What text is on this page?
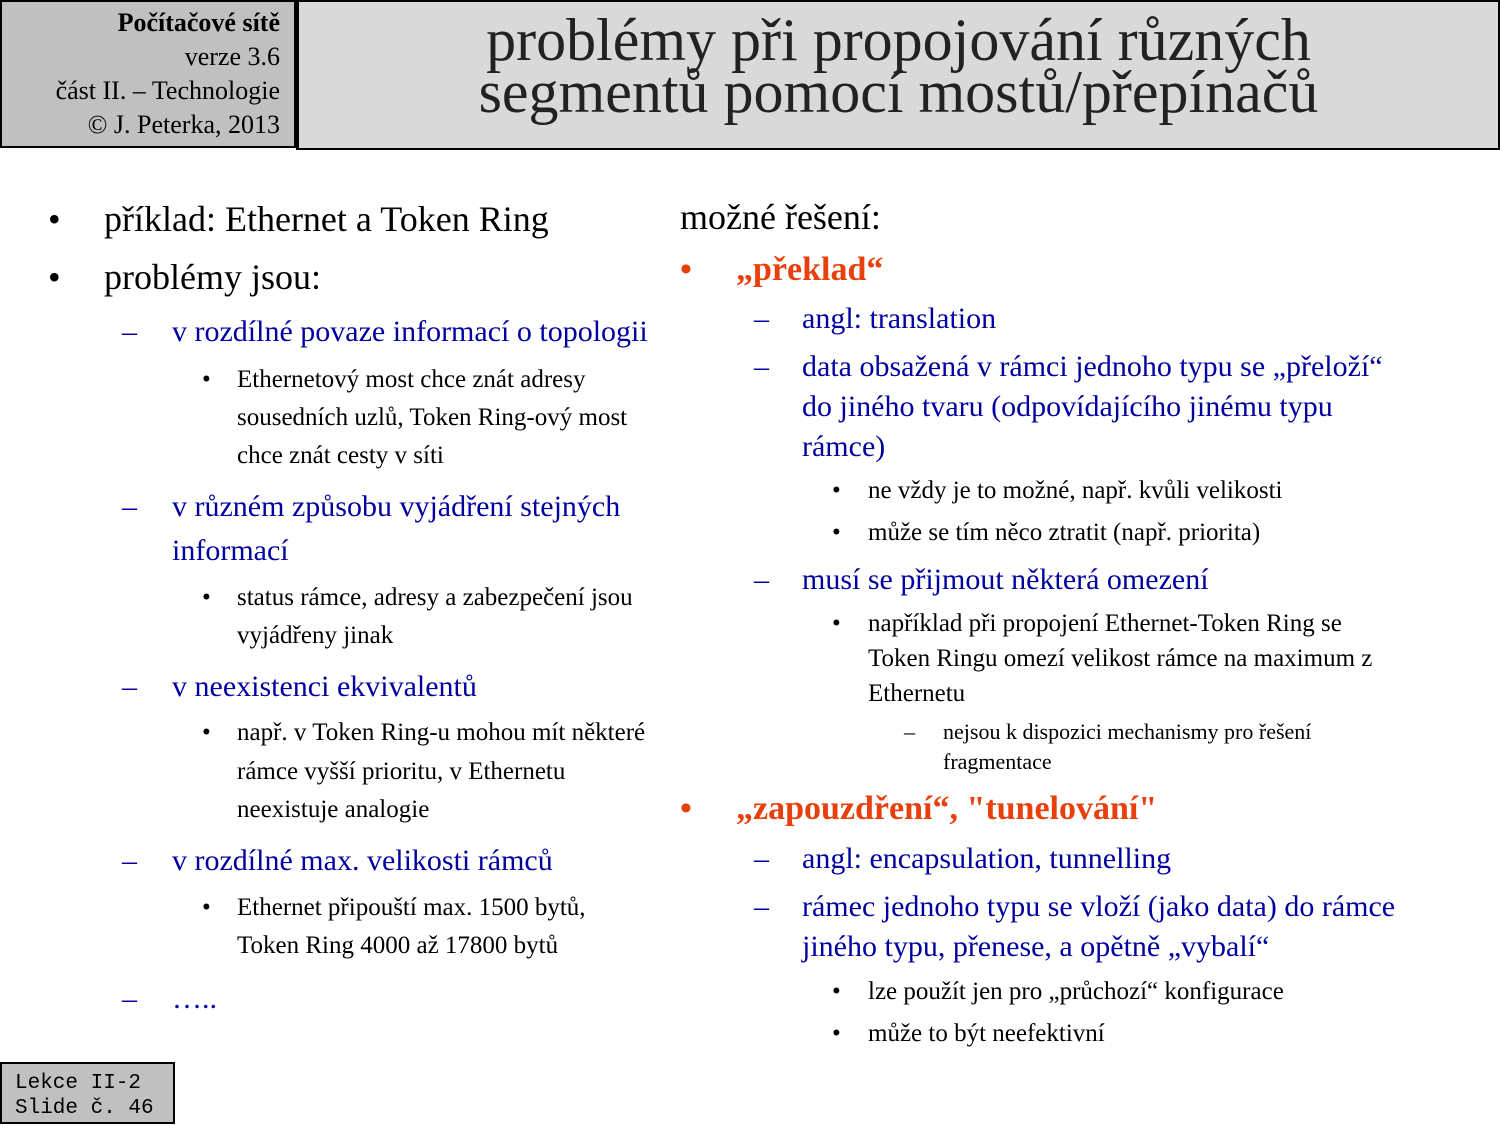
Počítačové sítě
verze 3.6
část II. – Technologie
© J. Peterka, 2013
problémy při propojování různých
segmentů pomocí mostů/přepínačů
• příklad: Ethernet a Token Ring
• problémy jsou:
– v rozdílné povaze informací o topologii
• Ethernetový most chce znát adresy
sousedních uzlů, Token Ring-ový most
chce znát cesty v síti
– v různém způsobu vyjádření stejných
informací
• status rámce, adresy a zabezpečení jsou
vyjádřeny jinak
– v neexistenci ekvivalentů
• např. v Token Ring-u mohou mít některé
rámce vyšší prioritu, v Ethernetu
neexistuje analogie
– v rozdílné max. velikosti rámců
• Ethernet připouští max. 1500 bytů,
Token Ring 4000 až 17800 bytů
– …..
možné řešení:
• „překlad“
– angl: translation
– data obsažená v rámci jednoho typu se „přeloží“
do jiného tvaru (odpovídajícího jinému typu
rámce)
• ne vždy je to možné, např. kvůli velikosti
• může se tím něco ztratit (např. priorita)
– musí se přijmout některá omezení
• například při propojení Ethernet-Token Ring se
Token Ringu omezí velikost rámce na maximum z
Ethernetu
– nejsou k dispozici mechanismy pro řešení
fragmentace
• „zapouzdření“, "tunelování"
– angl: encapsulation, tunnelling
– rámec jednoho typu se vloží (jako data) do rámce
jiného typu, přenese, a opětně „vybalí“
• lze použít jen pro „průchozí“ konfigurace
• může to být neefektivní
Lekce II-2
Slide č. 46
